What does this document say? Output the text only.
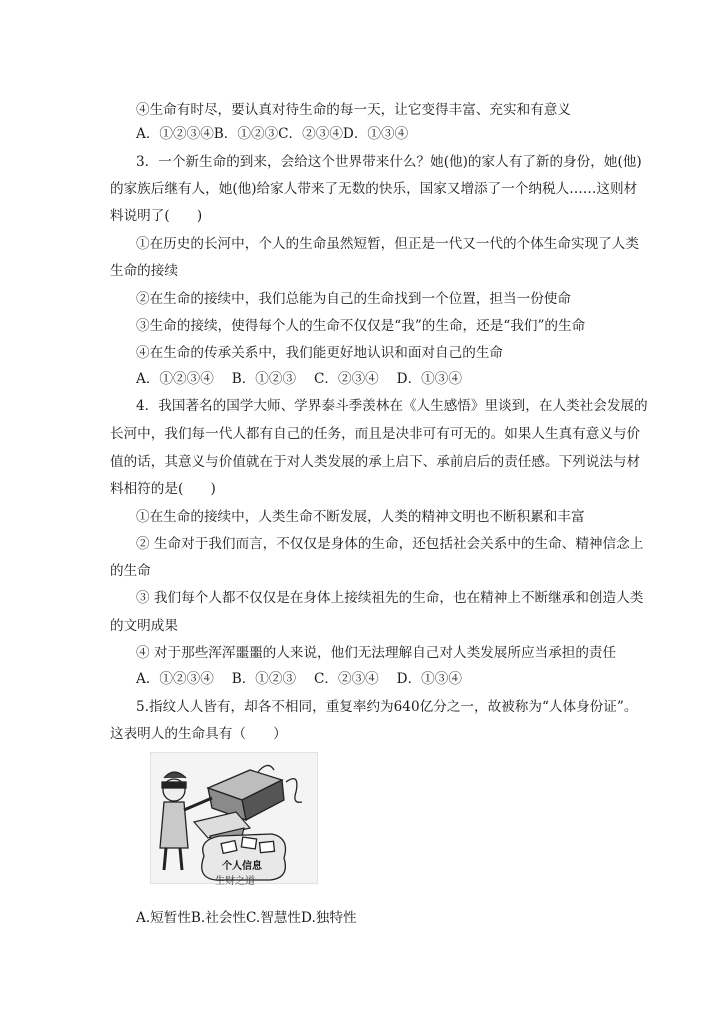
④生命有时尽，要认真对待生命的每一天，让它变得丰富、充实和有意义
A．①②③④B．①②③C．②③④D．①③④
3．一个新生命的到来，会给这个世界带来什么？她(他)的家人有了新的身份，她(他)
的家族后继有人，她(他)给家人带来了无数的快乐，国家又增添了一个纳税人……这则材
料说明了(　　)
①在历史的长河中，个人的生命虽然短暂，但正是一代又一代的个体生命实现了人类
生命的接续
②在生命的接续中，我们总能为自己的生命找到一个位置，担当一份使命
③生命的接续，使得每个人的生命不仅仅是“我”的生命，还是“我们”的生命
④在生命的传承关系中，我们能更好地认识和面对自己的生命
A．①②③④　 B．①②③　 C．②③④　 D．①③④
4．我国著名的国学大师、学界泰斗季羡林在《人生感悟》里谈到，在人类社会发展的
长河中，我们每一代人都有自己的任务，而且是决非可有可无的。如果人生真有意义与价
值的话，其意义与价值就在于对人类发展的承上启下、承前启后的责任感。下列说法与材
料相符的是(　　)
①在生命的接续中，人类生命不断发展，人类的精神文明也不断积累和丰富
② 生命对于我们而言，不仅仅是身体的生命，还包括社会关系中的生命、精神信念上
的生命
③ 我们每个人都不仅仅是在身体上接续祖先的生命，也在精神上不断继承和创造人类
的文明成果
④ 对于那些浑浑噩噩的人来说，他们无法理解自己对人类发展所应当承担的责任
A．①②③④　 B．①②③　 C．②③④　 D．①③④
5.指纹人人皆有，却各不相同，重复率约为640亿分之一，故被称为“人体身份证”。
这表明人的生命具有（　　）
个人信息
生财之道
A.短暂性B.社会性C.智慧性D.独特性
